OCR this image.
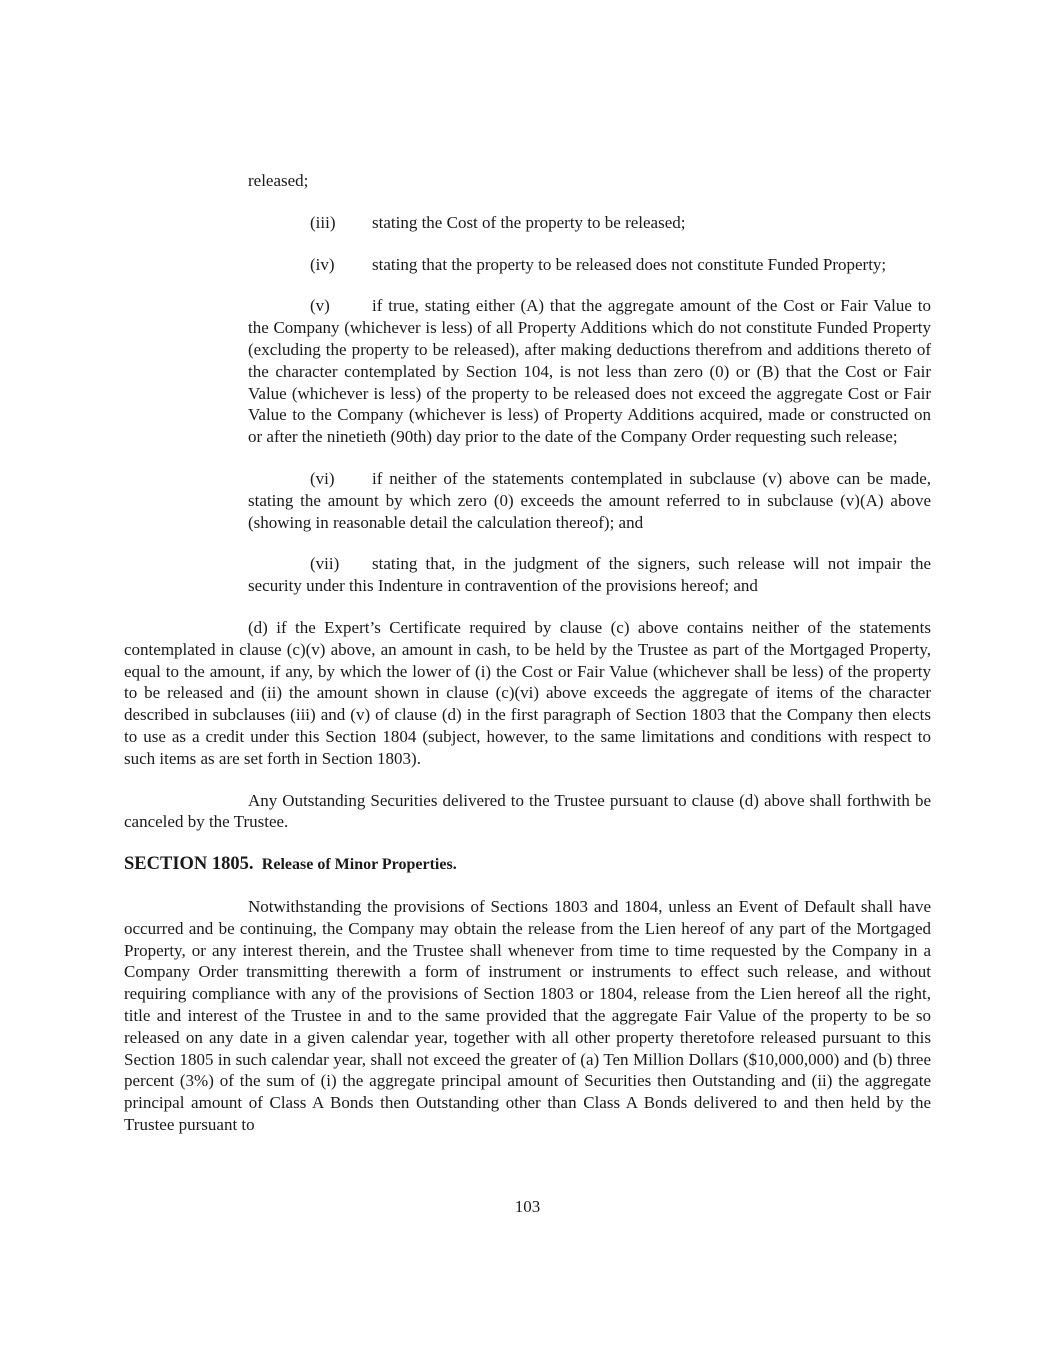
released;

(iii) stating the Cost of the property to be released;

(iv) stating that the property to be released does not constitute Funded Property;

(v) if true, stating either (A) that the aggregate amount of the Cost or Fair Value to the Company (whichever is less) of all Property Additions which do not constitute Funded Property (excluding the property to be released), after making deductions therefrom and additions thereto of the character contemplated by Section 104, is not less than zero (0) or (B) that the Cost or Fair Value (whichever is less) of the property to be released does not exceed the aggregate Cost or Fair Value to the Company (whichever is less) of Property Additions acquired, made or constructed on or after the ninetieth (90th) day prior to the date of the Company Order requesting such release;

(vi) if neither of the statements contemplated in subclause (v) above can be made, stating the amount by which zero (0) exceeds the amount referred to in subclause (v)(A) above (showing in reasonable detail the calculation thereof); and

(vii) stating that, in the judgment of the signers, such release will not impair the security under this Indenture in contravention of the provisions hereof; and

(d) if the Expert’s Certificate required by clause (c) above contains neither of the statements contemplated in clause (c)(v) above, an amount in cash, to be held by the Trustee as part of the Mortgaged Property, equal to the amount, if any, by which the lower of (i) the Cost or Fair Value (whichever shall be less) of the property to be released and (ii) the amount shown in clause (c)(vi) above exceeds the aggregate of items of the character described in subclauses (iii) and (v) of clause (d) in the first paragraph of Section 1803 that the Company then elects to use as a credit under this Section 1804 (subject, however, to the same limitations and conditions with respect to such items as are set forth in Section 1803).

Any Outstanding Securities delivered to the Trustee pursuant to clause (d) above shall forthwith be canceled by the Trustee.

SECTION 1805. Release of Minor Properties.

Notwithstanding the provisions of Sections 1803 and 1804, unless an Event of Default shall have occurred and be continuing, the Company may obtain the release from the Lien hereof of any part of the Mortgaged Property, or any interest therein, and the Trustee shall whenever from time to time requested by the Company in a Company Order transmitting therewith a form of instrument or instruments to effect such release, and without requiring compliance with any of the provisions of Section 1803 or 1804, release from the Lien hereof all the right, title and interest of the Trustee in and to the same provided that the aggregate Fair Value of the property to be so released on any date in a given calendar year, together with all other property theretofore released pursuant to this Section 1805 in such calendar year, shall not exceed the greater of (a) Ten Million Dollars ($10,000,000) and (b) three percent (3%) of the sum of (i) the aggregate principal amount of Securities then Outstanding and (ii) the aggregate principal amount of Class A Bonds then Outstanding other than Class A Bonds delivered to and then held by the Trustee pursuant to

103
